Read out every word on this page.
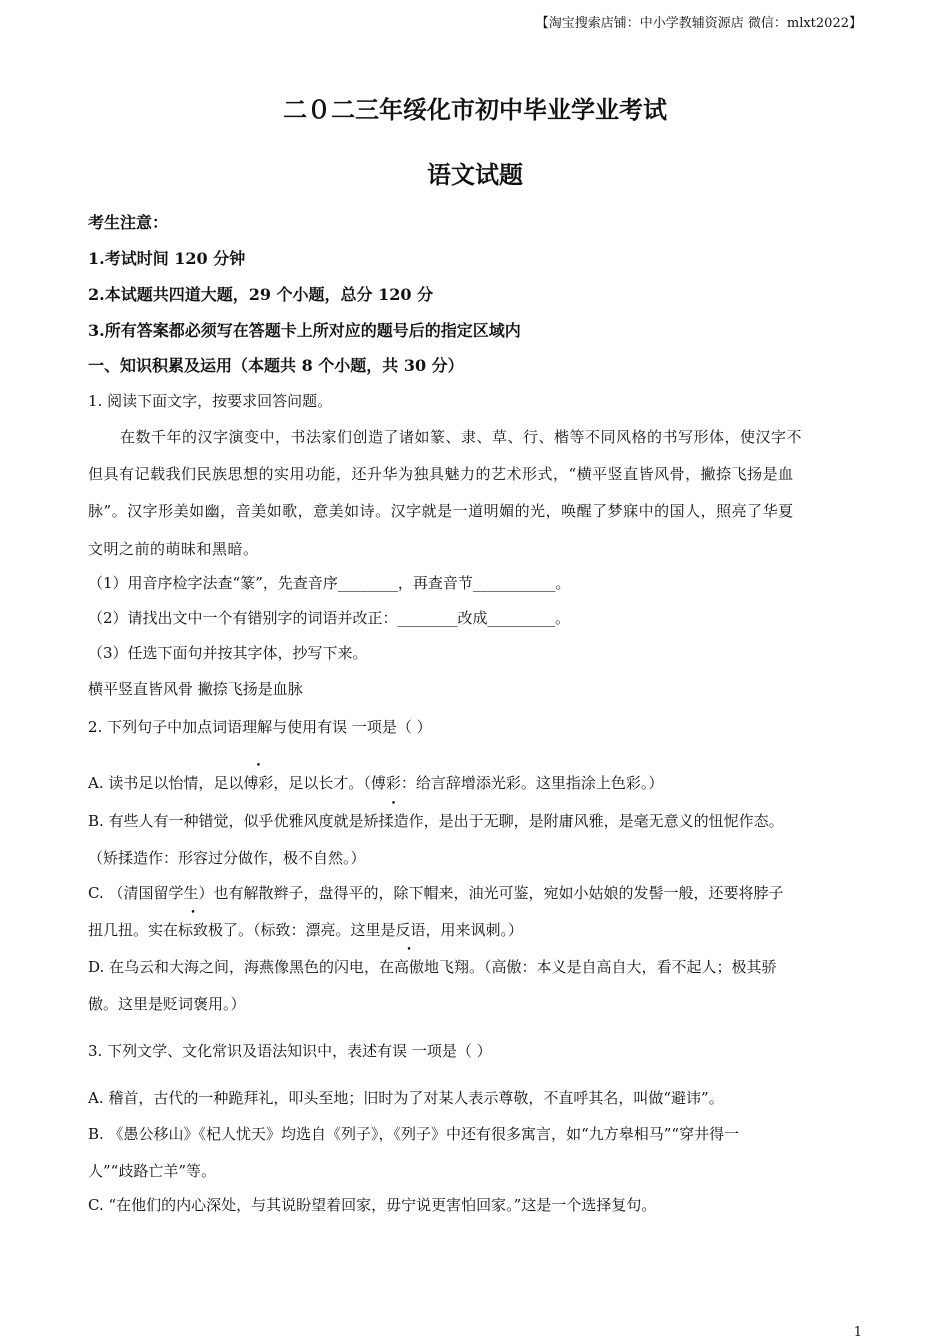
【淘宝搜索店铺：中小学教辅资源店 微信：mlxt2022】
二０二三年绥化市初中毕业学业考试
语文试题
考生注意：
1.考试时间 120 分钟
2.本试题共四道大题，29 个小题，总分 120 分
3.所有答案都必须写在答题卡上所对应的题号后的指定区域内
一、知识积累及运用（本题共 8 个小题，共 30 分）
1. 阅读下面文字，按要求回答问题。
在数千年的汉字演变中，书法家们创造了诸如篆、隶、草、行、楷等不同风格的书写形体，使汉字不
但具有记载我们民族思想的实用功能，还升华为独具魅力的艺术形式，“横平竖直皆风骨，撇捺飞扬是血
脉”。汉字形美如幽，音美如歌，意美如诗。汉字就是一道明媚的光，唤醒了梦寐中的国人，照亮了华夏
文明之前的萌昧和黑暗。
（1）用音序检字法查“篆”，先查音序________，再查音节___________。
（2）请找出文中一个有错别字的词语并改正：________改成_________。
（3）任选下面句并按其字体，抄写下来。
横平竖直皆风骨 撇捺飞扬是血脉
2. 下列句子中加点词语理解与使用有误 一项是（ ）
A. 读书足以怡情，足以傅彩，足以长才。（傅彩：给言辞增添光彩。这里指涂上色彩。）
B. 有些人有一种错觉，似乎优雅风度就是矫揉造作，是出于无聊，是附庸风雅，是毫无意义的忸怩作态。
（矫揉造作：形容过分做作，极不自然。）
C. （清国留学生）也有解散辫子，盘得平的，除下帽来，油光可鉴，宛如小姑娘的发髻一般，还要将脖子
扭几扭。实在标致极了。（标致：漂亮。这里是反语，用来讽刺。）
D. 在乌云和大海之间，海燕像黑色的闪电，在高傲地飞翔。（高傲：本义是自高自大，看不起人；极其骄
傲。这里是贬词褒用。）
3. 下列文学、文化常识及语法知识中，表述有误 一项是（ ）
A. 稽首，古代的一种跪拜礼，叩头至地；旧时为了对某人表示尊敬，不直呼其名，叫做“避讳”。
B. 《愚公移山》《杞人忧天》均选自《列子》，《列子》中还有很多寓言，如“九方皋相马”“穿井得一
人”“歧路亡羊”等。
C. “在他们的内心深处，与其说盼望着回家，毋宁说更害怕回家。”这是一个选择复句。
1
